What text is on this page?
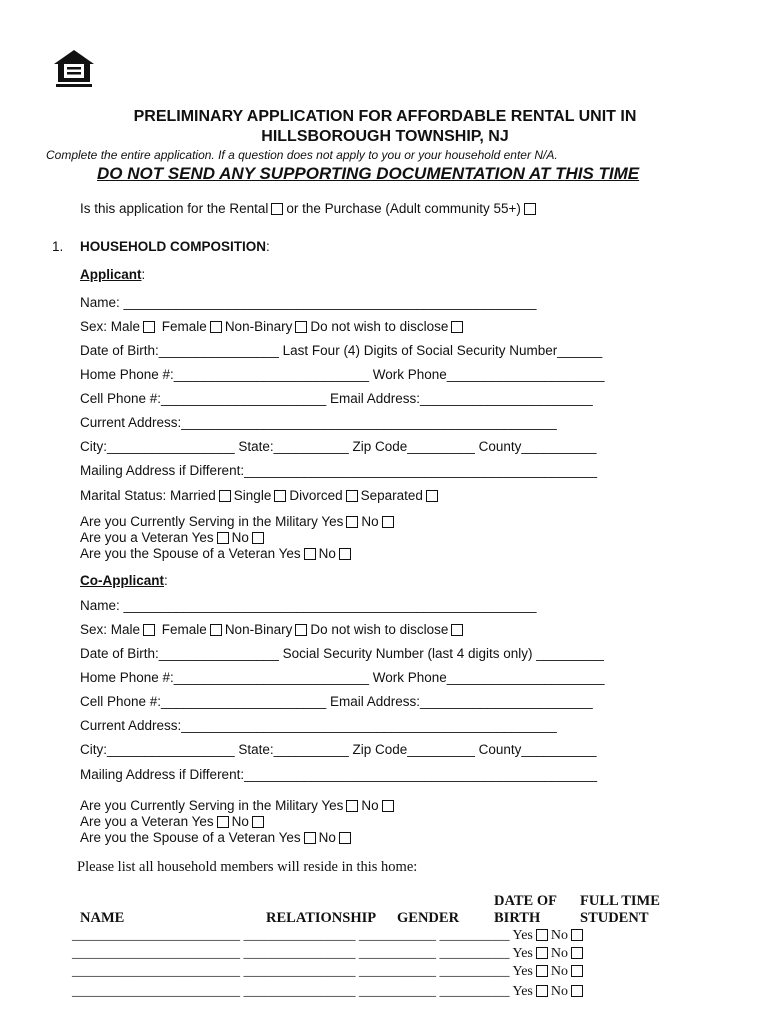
PRELIMINARY APPLICATION FOR AFFORDABLE RENTAL UNIT IN
HILLSBOROUGH TOWNSHIP, NJ
Complete the entire application. If a question does not apply to you or your household enter N/A.
DO NOT SEND ANY SUPPORTING DOCUMENTATION AT THIS TIME
Is this application for the Rental or the Purchase (Adult community 55+)
1. HOUSEHOLD COMPOSITION:
Applicant:
Name: _______________________________________________________
Sex: Male Female Non-Binary Do not wish to disclose
Date of Birth:________________ Last Four (4) Digits of Social Security Number______
Home Phone #:__________________________ Work Phone_____________________
Cell Phone #:______________________ Email Address:_______________________
Current Address:__________________________________________________
City:_________________ State:__________ Zip Code_________ County__________
Mailing Address if Different:_______________________________________________
Marital Status: Married Single Divorced Separated
Are you Currently Serving in the Military Yes No
Are you a Veteran Yes No
Are you the Spouse of a Veteran Yes No
Co-Applicant:
Name: _______________________________________________________
Sex: Male Female Non-Binary Do not wish to disclose
Date of Birth:________________ Social Security Number (last 4 digits only) _________
Home Phone #:__________________________ Work Phone_____________________
Cell Phone #:______________________ Email Address:_______________________
Current Address:__________________________________________________
City:_________________ State:__________ Zip Code_________ County__________
Mailing Address if Different:_______________________________________________
Are you Currently Serving in the Military Yes No
Are you a Veteran Yes No
Are you the Spouse of a Veteran Yes No
Please list all household members will reside in this home:
NAME	RELATIONSHIP GENDER
DATE OF
BIRTH
FULL TIME
STUDENT
________________________ ________________ ___________ __________ Yes No
________________________ ________________ ___________ __________ Yes No
________________________ ________________ ___________ __________ Yes No
________________________ ________________ ___________ __________ Yes No
